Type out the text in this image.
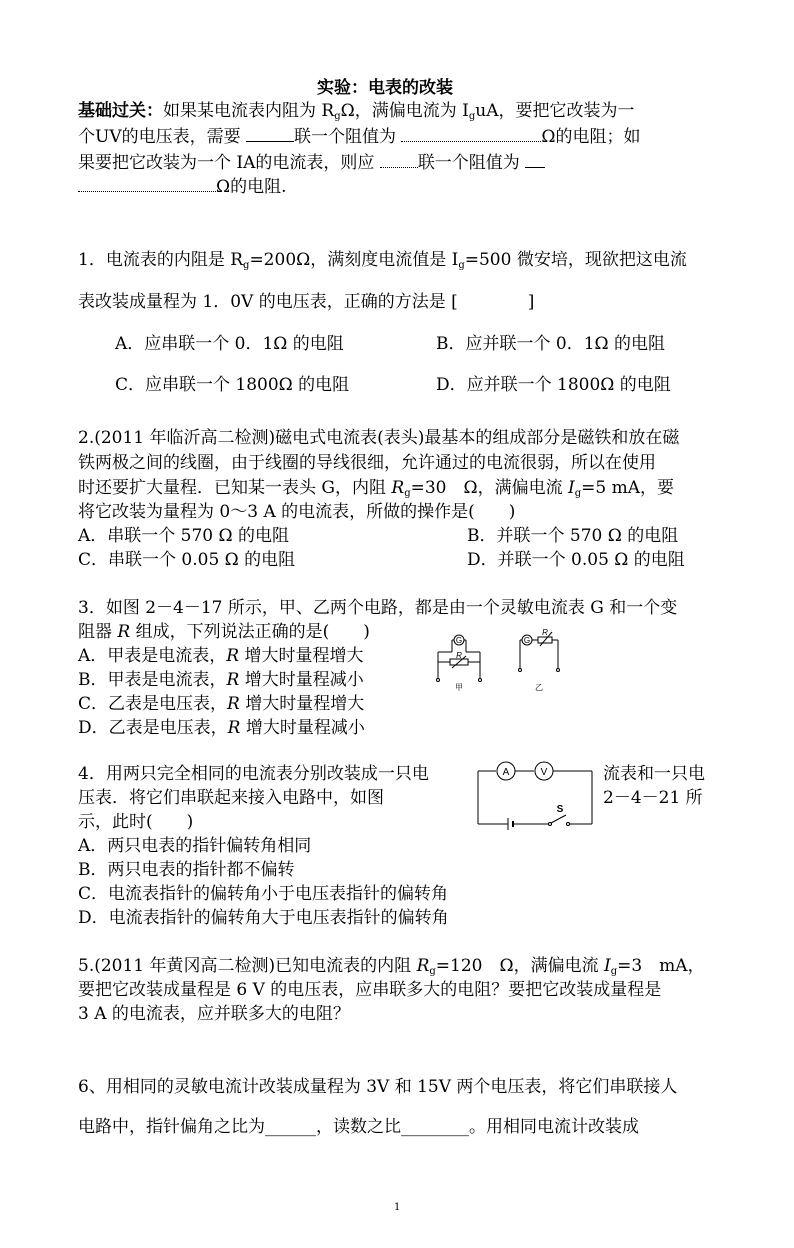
实验：电表的改装
基础过关：如果某电流表内阻为 $R_g\Omega$，满偏电流为 $I_guA$，要把它改装为一
个UV的电压表，需要	联一个阻值为	Ω的电阻；如
果要把它改装为一个 IA的电流表，则应	联一个阻值为
Ω的电阻.
1．电流表的内阻是 $R_g=200\Omega$，满刻度电流值是 $I_g=500$ 微安培，现欲把这电流
表改装成量程为 1．0V 的电压表，正确的方法是 [	]
A．应串联一个 0．1Ω 的电阻	B．应并联一个 0．1Ω 的电阻
C．应串联一个 1800Ω 的电阻	D．应并联一个 1800Ω 的电阻
2.(2011 年临沂高二检测)磁电式电流表(表头)最基本的组成部分是磁铁和放在磁
铁两极之间的线圈，由于线圈的导线很细，允许通过的电流很弱，所以在使用
时还要扩大量程．已知某一表头 G，内阻 $R_g=30$　Ω，满偏电流 $I_g=5$ mA，要
将它改装为量程为 0～3 A 的电流表，所做的操作是(　　)
A．串联一个 570 Ω 的电阻	B．并联一个 570 Ω 的电阻
C．串联一个 0.05 Ω 的电阻	D．并联一个 0.05 Ω 的电阻
3．如图 2－4－17 所示，甲、乙两个电路，都是由一个灵敏电流表 G 和一个变
阻器 R 组成，下列说法正确的是(　　)
A．甲表是电流表，R 增大时量程增大
B．甲表是电流表，R 增大时量程减小
C．乙表是电压表，R 增大时量程增大
D．乙表是电压表，R 增大时量程减小
G
R
甲
G
R
乙
4．用两只完全相同的电流表分别改装成一只电	流表和一只电
压表．将它们串联起来接入电路中，如图	2－4－21 所
示，此时(　　)
A．两只电表的指针偏转角相同
B．两只电表的指针都不偏转
C．电流表指针的偏转角小于电压表指针的偏转角
D．电流表指针的偏转角大于电压表指针的偏转角
A	V
S
5.(2011 年黄冈高二检测)已知电流表的内阻 $R_g=120$　Ω，满偏电流 $I_g=3$　mA，
要把它改装成量程是 6 V 的电压表，应串联多大的电阻？要把它改装成量程是
3 A 的电流表，应并联多大的电阻？
6、用相同的灵敏电流计改装成量程为 3V 和 15V 两个电压表，将它们串联接人
电路中，指针偏角之比为______，读数之比________。用相同电流计改装成
1
